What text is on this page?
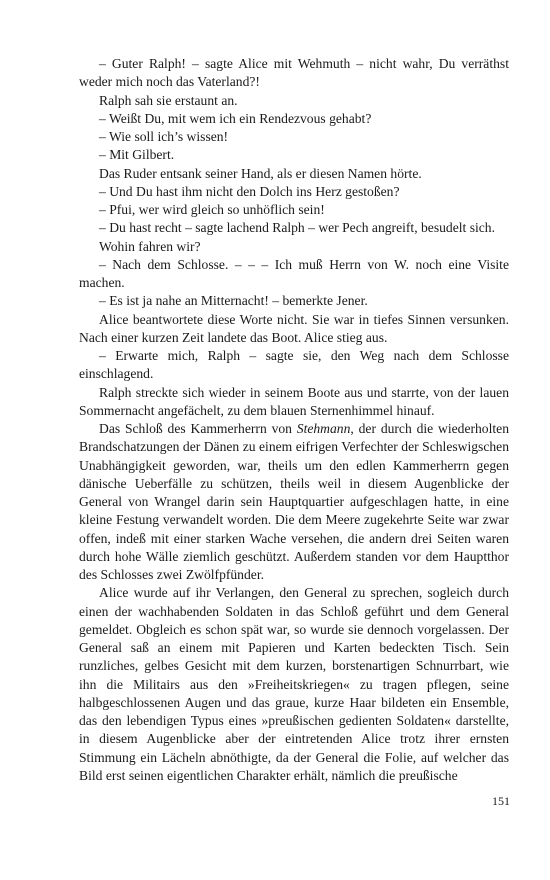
– Guter Ralph! – sagte Alice mit Wehmuth – nicht wahr, Du verräthst weder mich noch das Vaterland?!

Ralph sah sie erstaunt an.

– Weißt Du, mit wem ich ein Rendezvous gehabt?

– Wie soll ich’s wissen!

– Mit Gilbert.

Das Ruder entsank seiner Hand, als er diesen Namen hörte.

– Und Du hast ihm nicht den Dolch ins Herz gestoßen?

– Pfui, wer wird gleich so unhöflich sein!

– Du hast recht – sagte lachend Ralph – wer Pech angreift, besudelt sich.

Wohin fahren wir?

– Nach dem Schlosse. – – – Ich muß Herrn von W. noch eine Visite machen.

– Es ist ja nahe an Mitternacht! – bemerkte Jener.

Alice beantwortete diese Worte nicht. Sie war in tiefes Sinnen versunken. Nach einer kurzen Zeit landete das Boot. Alice stieg aus.

– Erwarte mich, Ralph – sagte sie, den Weg nach dem Schlosse einschlagend.

Ralph streckte sich wieder in seinem Boote aus und starrte, von der lauen Sommernacht angefächelt, zu dem blauen Sternenhimmel hinauf.

Das Schloß des Kammerherrn von Stehmann, der durch die wiederholten Brandschatzungen der Dänen zu einem eifrigen Verfechter der Schleswigschen Unabhängigkeit geworden, war, theils um den edlen Kammerherrn gegen dänische Ueberfälle zu schützen, theils weil in diesem Augenblicke der General von Wrangel darin sein Hauptquartier aufgeschlagen hatte, in eine kleine Festung verwandelt worden. Die dem Meere zugekehrte Seite war zwar offen, indeß mit einer starken Wache versehen, die andern drei Seiten waren durch hohe Wälle ziemlich geschützt. Außerdem standen vor dem Hauptthor des Schlosses zwei Zwölfpfünder.

Alice wurde auf ihr Verlangen, den General zu sprechen, sogleich durch einen der wachhabenden Soldaten in das Schloß geführt und dem General gemeldet. Obgleich es schon spät war, so wurde sie dennoch vorgelassen. Der General saß an einem mit Papieren und Karten bedeckten Tisch. Sein runzliches, gelbes Gesicht mit dem kurzen, borstenartigen Schnurrbart, wie ihn die Militairs aus den »Freiheitskriegen« zu tragen pflegen, seine halbgeschlossenen Augen und das graue, kurze Haar bildeten ein Ensemble, das den lebendigen Typus eines »preußischen gedienten Soldaten« darstellte, in diesem Augenblicke aber der eintretenden Alice trotz ihrer ernsten Stimmung ein Lächeln abnöthigte, da der General die Folie, auf welcher das Bild erst seinen eigentlichen Charakter erhält, nämlich die preußische

151
